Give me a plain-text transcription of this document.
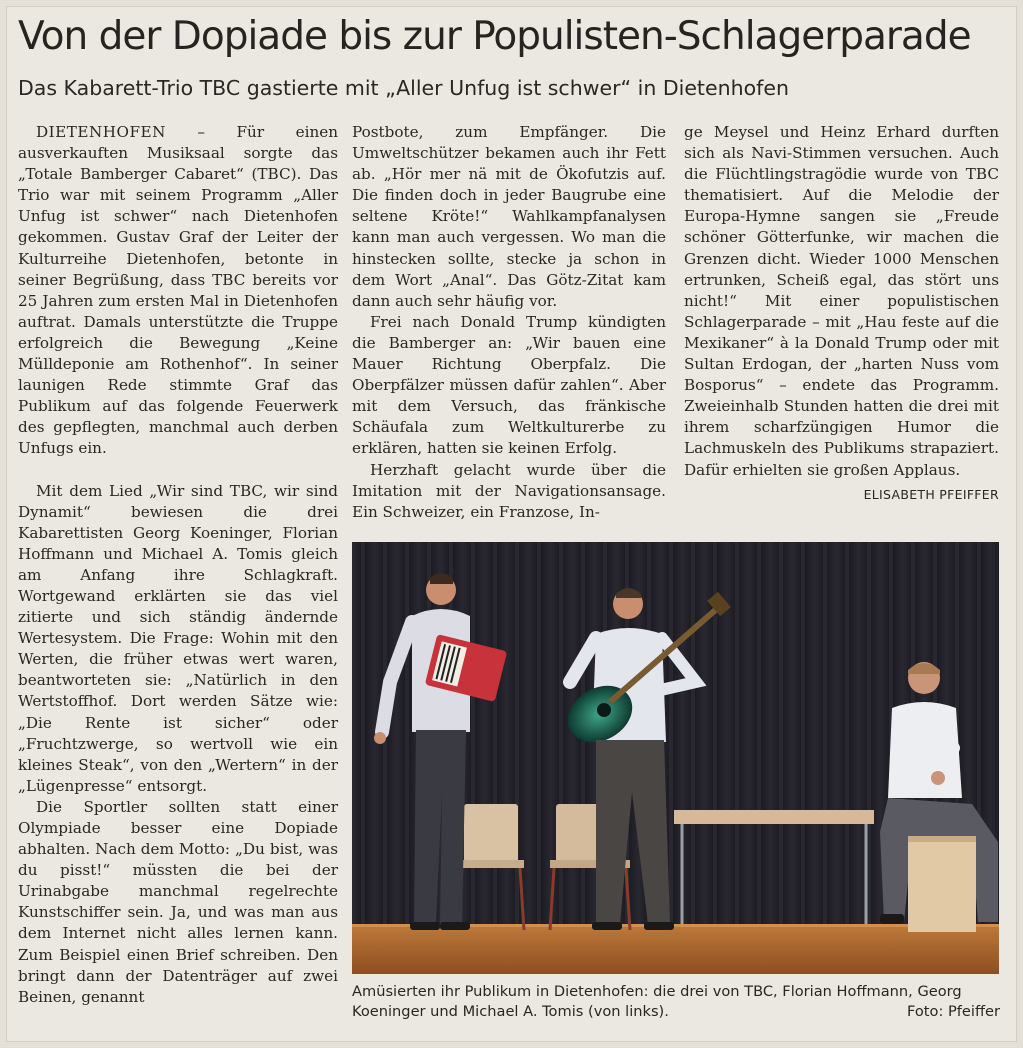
Von der Dopiade bis zur Populisten-Schlagerparade
Das Kabarett-Trio TBC gastierte mit „Aller Unfug ist schwer“ in Dietenhofen

DIETENHOFEN – Für einen ausverkauften Musiksaal sorgte das „Totale Bamberger Cabaret“ (TBC). Das Trio war mit seinem Programm „Aller Unfug ist schwer“ nach Dietenhofen gekommen. Gustav Graf der Leiter der Kulturreihe Dietenhofen, betonte in seiner Begrüßung, dass TBC bereits vor 25 Jahren zum ersten Mal in Dietenhofen auftrat. Damals unterstützte die Truppe erfolgreich die Bewegung „Keine Mülldeponie am Rothenhof“. In seiner launigen Rede stimmte Graf das Publikum auf das folgende Feuerwerk des gepflegten, manchmal auch derben Unfugs ein.

Mit dem Lied „Wir sind TBC, wir sind Dynamit“ bewiesen die drei Kabarettisten Georg Koeninger, Florian Hoffmann und Michael A. Tomis gleich am Anfang ihre Schlagkraft. Wortgewand erklärten sie das viel zitierte und sich ständig ändernde Wertesystem. Die Frage: Wohin mit den Werten, die früher etwas wert waren, beantworteten sie: „Natürlich in den Wertstoffhof. Dort werden Sätze wie: „Die Rente ist sicher“ oder „Fruchtzwerge, so wertvoll wie ein kleines Steak“, von den „Wertern“ in der „Lügenpresse“ entsorgt.

Die Sportler sollten statt einer Olympiade besser eine Dopiade abhalten. Nach dem Motto: „Du bist, was du pisst!“ müssten die bei der Urinabgabe manchmal regelrechte Kunstschiffer sein. Ja, und was man aus dem Internet nicht alles lernen kann. Zum Beispiel einen Brief schreiben. Den bringt dann der Datenträger auf zwei Beinen, genannt

Postbote, zum Empfänger. Die Umweltschützer bekamen auch ihr Fett ab. „Hör mer nä mit de Ökofutzis auf. Die finden doch in jeder Baugrube eine seltene Kröte!“ Wahlkampfanalysen kann man auch vergessen. Wo man die hinstecken sollte, stecke ja schon in dem Wort „Anal“. Das Götz-Zitat kam dann auch sehr häufig vor.

Frei nach Donald Trump kündigten die Bamberger an: „Wir bauen eine Mauer Richtung Oberpfalz. Die Oberpfälzer müssen dafür zahlen“. Aber mit dem Versuch, das fränkische Schäufala zum Weltkulturerbe zu erklären, hatten sie keinen Erfolg.

Herzhaft gelacht wurde über die Imitation mit der Navigationsansage. Ein Schweizer, ein Franzose, In-

ge Meysel und Heinz Erhard durften sich als Navi-Stimmen versuchen. Auch die Flüchtlingstragödie wurde von TBC thematisiert. Auf die Melodie der Europa-Hymne sangen sie „Freude schöner Götterfunke, wir machen die Grenzen dicht. Wieder 1000 Menschen ertrunken, Scheiß egal, das stört uns nicht!“ Mit einer populistischen Schlagerparade – mit „Hau feste auf die Mexikaner“ à la Donald Trump oder mit Sultan Erdogan, der „harten Nuss vom Bosporus“ – endete das Programm. Zweieinhalb Stunden hatten die drei mit ihrem scharfzüngigen Humor die Lachmuskeln des Publikums strapaziert. Dafür erhielten sie großen Applaus.
ELISABETH PFEIFFER

Amüsierten ihr Publikum in Dietenhofen: die drei von TBC, Florian Hoffmann, Georg Koeninger und Michael A. Tomis (von links).	Foto: Pfeiffer
